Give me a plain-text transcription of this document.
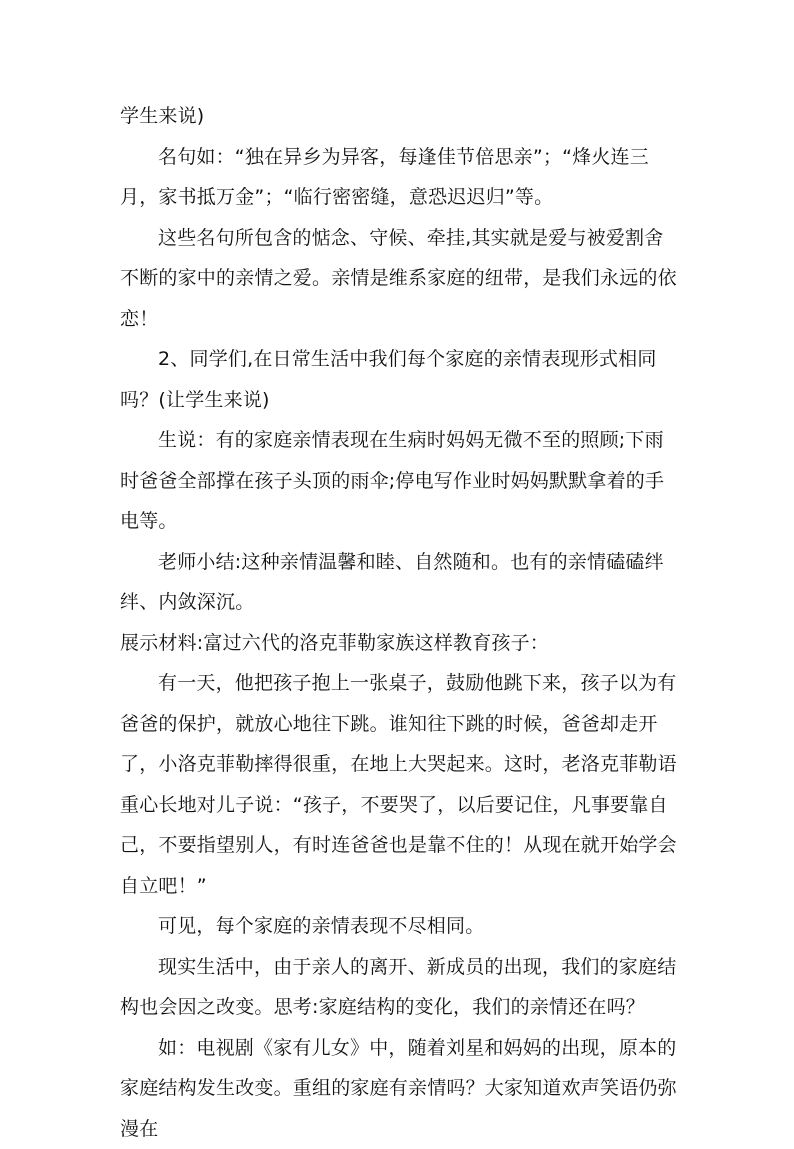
学生来说)

名句如：“独在异乡为异客，每逢佳节倍思亲”；“烽火连三月，家书抵万金”；“临行密密缝，意恐迟迟归”等。

这些名句所包含的惦念、守候、牵挂,其实就是爱与被爱割舍不断的家中的亲情之爱。亲情是维系家庭的纽带，是我们永远的依恋！

2、同学们,在日常生活中我们每个家庭的亲情表现形式相同吗？(让学生来说)

生说：有的家庭亲情表现在生病时妈妈无微不至的照顾;下雨时爸爸全部撑在孩子头顶的雨伞;停电写作业时妈妈默默拿着的手电等。

老师小结:这种亲情温馨和睦、自然随和。也有的亲情磕磕绊绊、内敛深沉。

展示材料:富过六代的洛克菲勒家族这样教育孩子：

有一天，他把孩子抱上一张桌子，鼓励他跳下来，孩子以为有爸爸的保护，就放心地往下跳。谁知往下跳的时候，爸爸却走开了，小洛克菲勒摔得很重，在地上大哭起来。这时，老洛克菲勒语重心长地对儿子说：“孩子，不要哭了，以后要记住，凡事要靠自己，不要指望别人，有时连爸爸也是靠不住的！从现在就开始学会自立吧！”

可见，每个家庭的亲情表现不尽相同。

现实生活中，由于亲人的离开、新成员的出现，我们的家庭结构也会因之改变。思考:家庭结构的变化，我们的亲情还在吗？

如：电视剧《家有儿女》中，随着刘星和妈妈的出现，原本的家庭结构发生改变。重组的家庭有亲情吗？大家知道欢声笑语仍弥漫在
